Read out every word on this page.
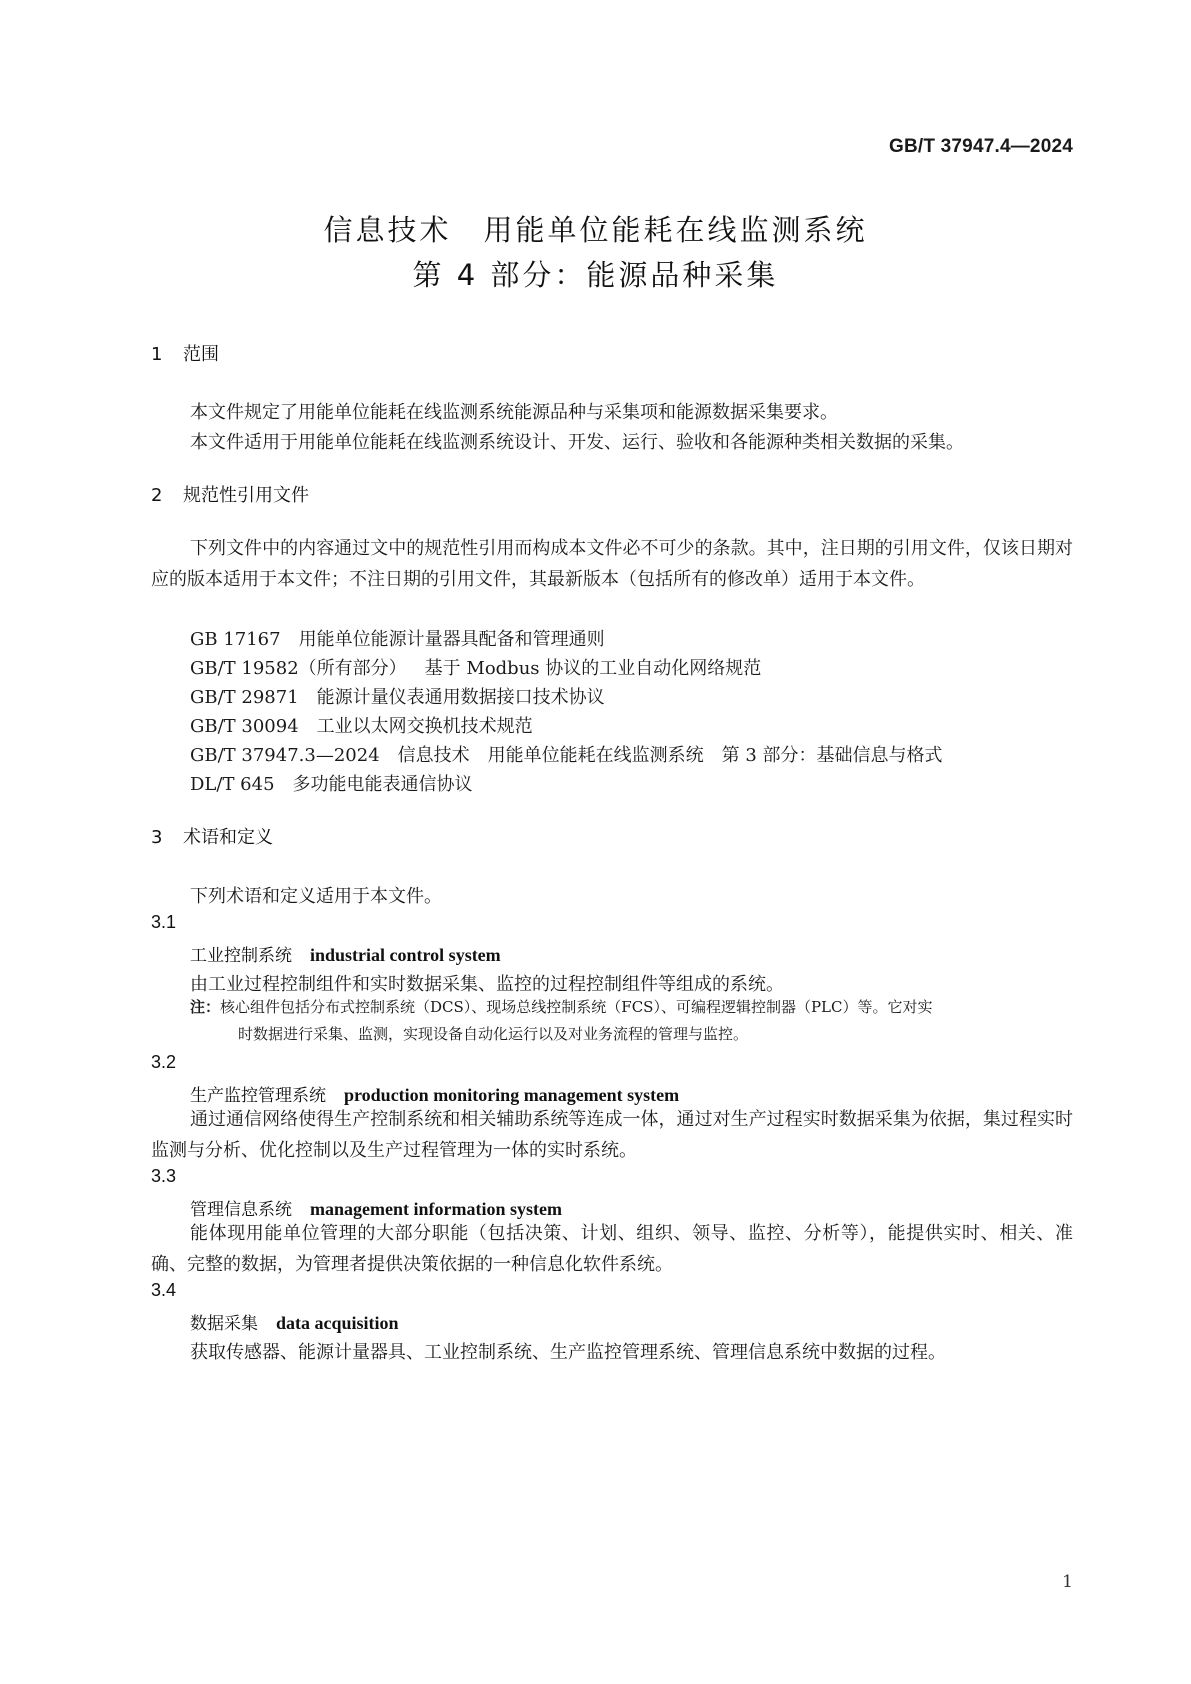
GB/T 37947.4—2024
信息技术　用能单位能耗在线监测系统
第 4 部分：能源品种采集
1 范围
本文件规定了用能单位能耗在线监测系统能源品种与采集项和能源数据采集要求。
本文件适用于用能单位能耗在线监测系统设计、开发、运行、验收和各能源种类相关数据的采集。
2 规范性引用文件
下列文件中的内容通过文中的规范性引用而构成本文件必不可少的条款。其中，注日期的引用文件，仅该日期对应的版本适用于本文件；不注日期的引用文件，其最新版本（包括所有的修改单）适用于本文件。
GB 17167 用能单位能源计量器具配备和管理通则
GB/T 19582（所有部分） 基于 Modbus 协议的工业自动化网络规范
GB/T 29871 能源计量仪表通用数据接口技术协议
GB/T 30094 工业以太网交换机技术规范
GB/T 37947.3—2024 信息技术　用能单位能耗在线监测系统　第 3 部分：基础信息与格式
DL/T 645 多功能电能表通信协议
3 术语和定义
下列术语和定义适用于本文件。
3.1
工业控制系统 industrial control system
由工业过程控制组件和实时数据采集、监控的过程控制组件等组成的系统。
注：核心组件包括分布式控制系统（DCS）、现场总线控制系统（FCS）、可编程逻辑控制器（PLC）等。它对实
时数据进行采集、监测，实现设备自动化运行以及对业务流程的管理与监控。
3.2
生产监控管理系统 production monitoring management system
通过通信网络使得生产控制系统和相关辅助系统等连成一体，通过对生产过程实时数据采集为依据，集过程实时监测与分析、优化控制以及生产过程管理为一体的实时系统。
3.3
管理信息系统 management information system
能体现用能单位管理的大部分职能（包括决策、计划、组织、领导、监控、分析等），能提供实时、相关、准确、完整的数据，为管理者提供决策依据的一种信息化软件系统。
3.4
数据采集 data acquisition
获取传感器、能源计量器具、工业控制系统、生产监控管理系统、管理信息系统中数据的过程。
1
